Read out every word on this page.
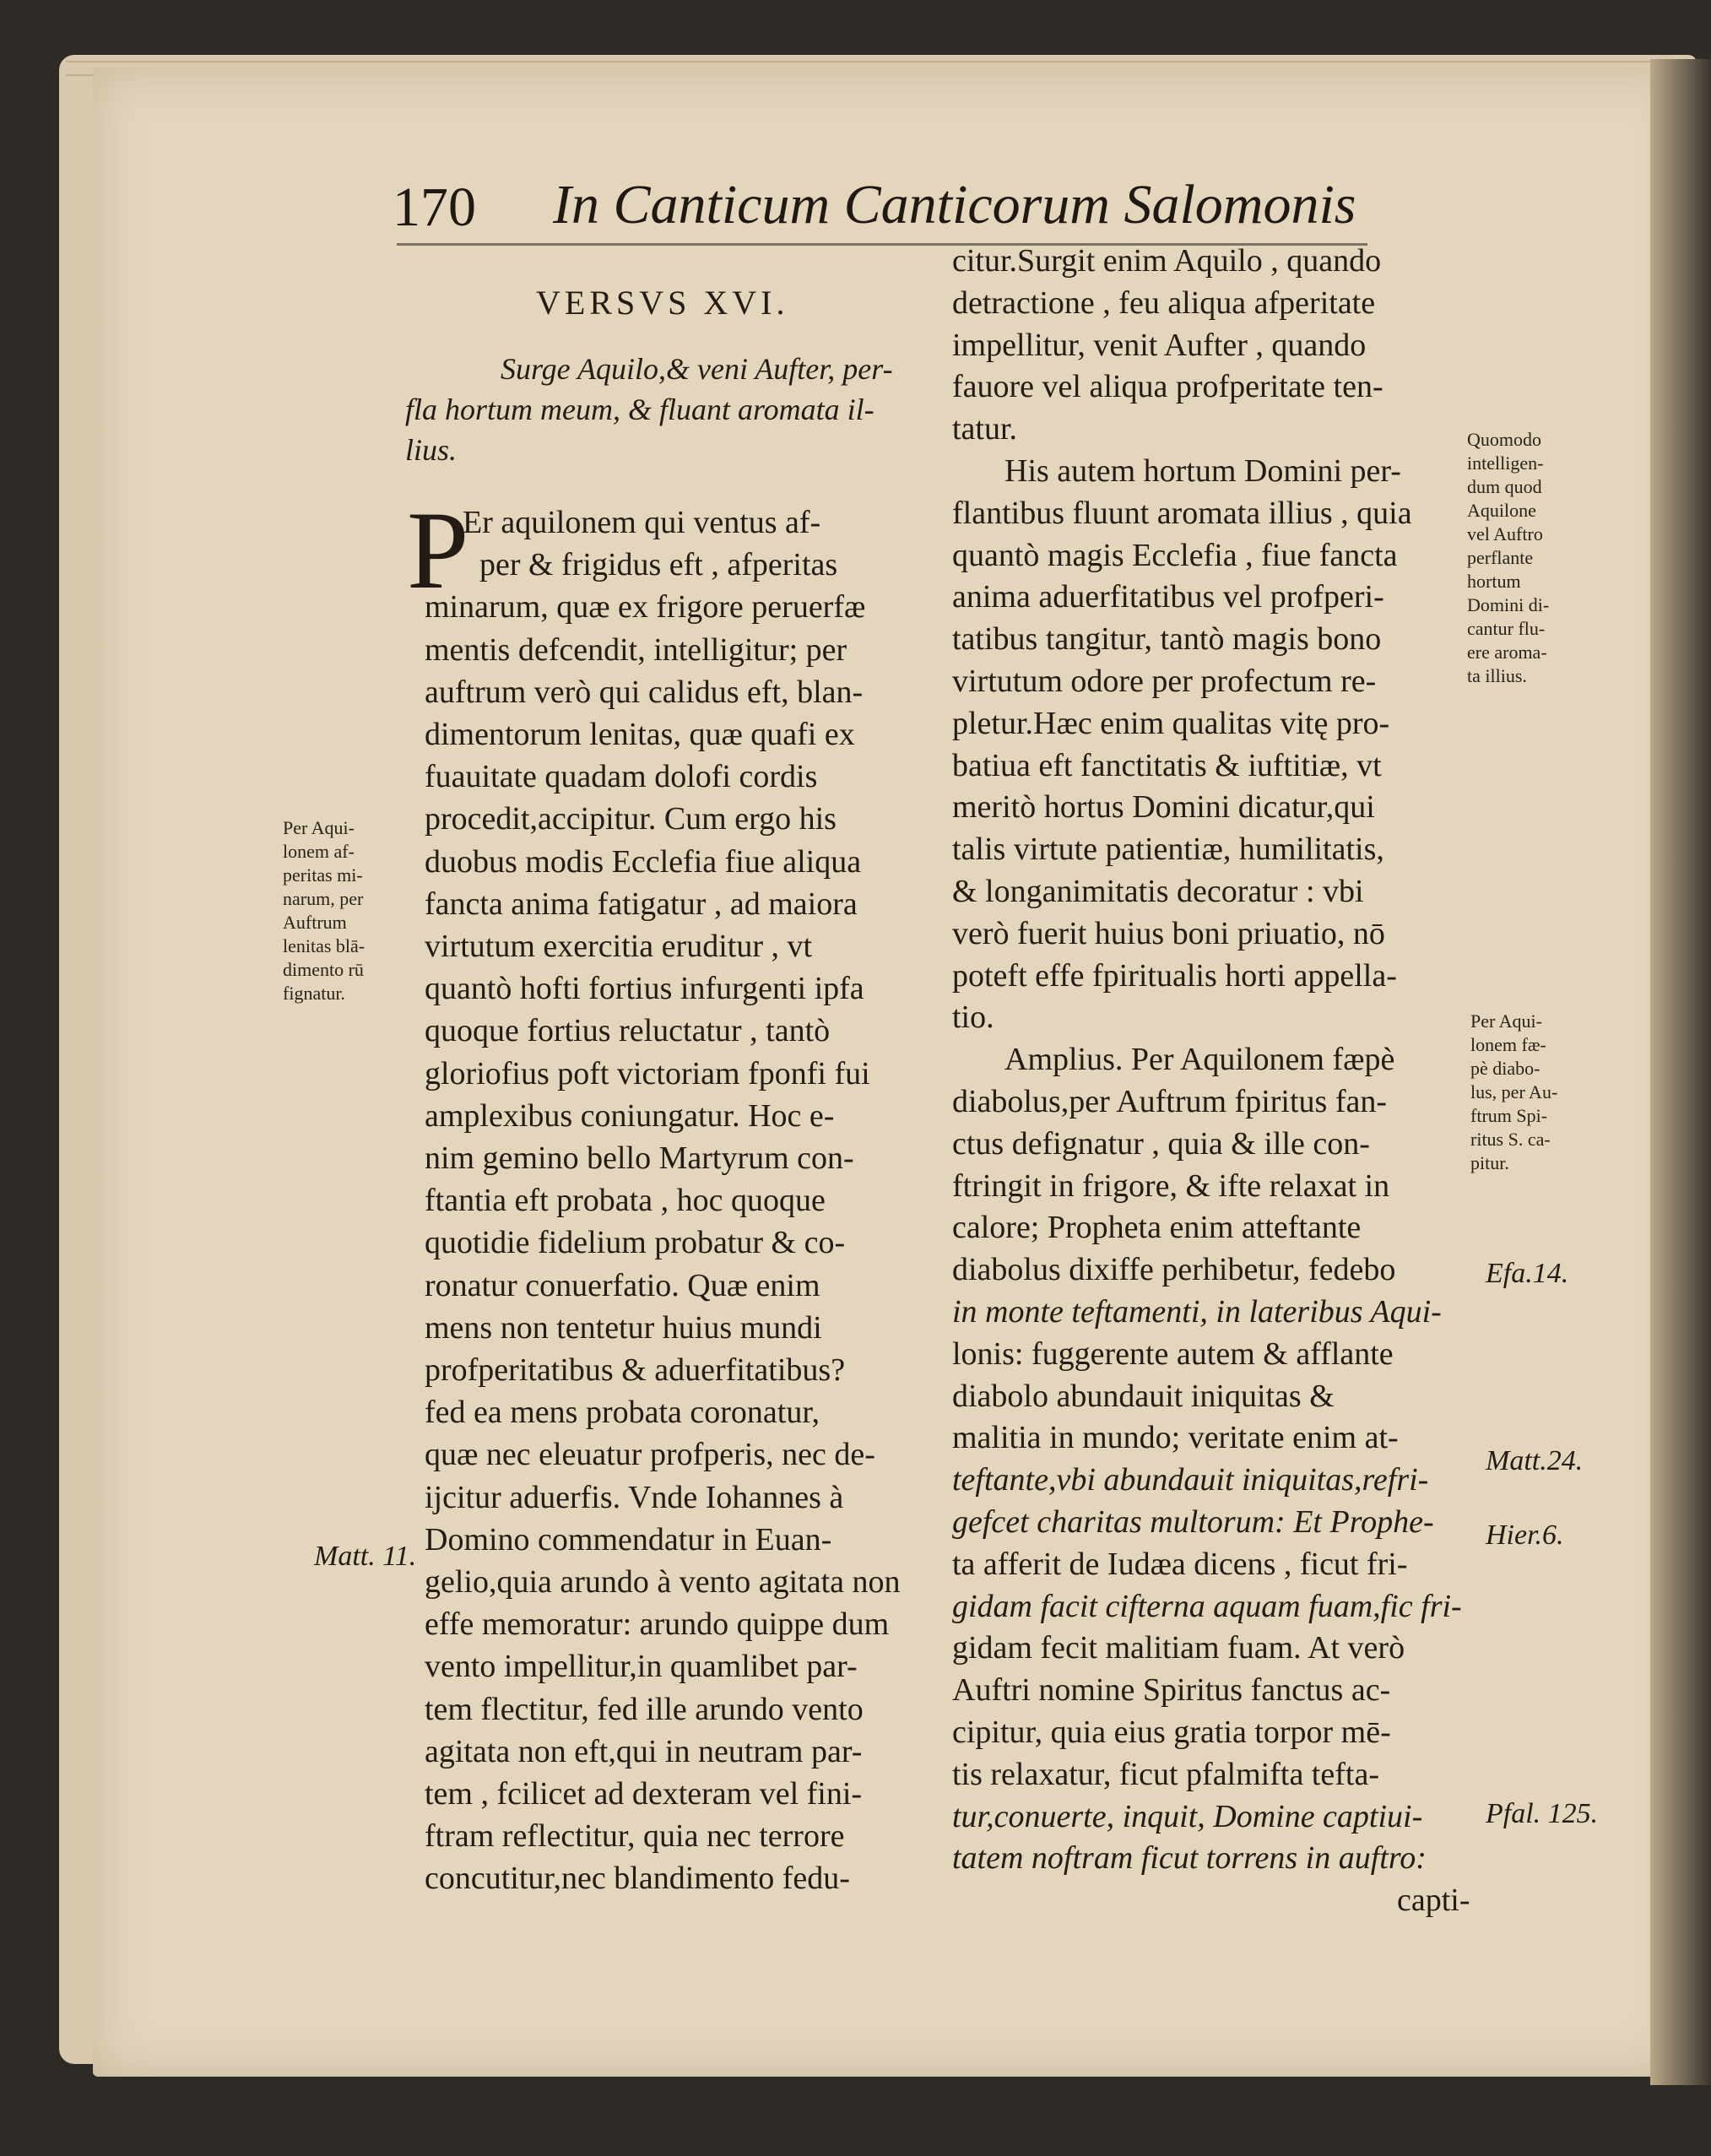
170 In Canticum Canticorum Salomonis
VERSVS XVI.
Surge Aquilo,& veni Aufter, per-
fla hortum meum, & fluant aromata il-
lius.
P
Er aquilonem qui ventus af-
per & frigidus eft , afperitas
minarum, quæ ex frigore peruerfæ
mentis defcendit, intelligitur; per
auftrum verò qui calidus eft, blan-
dimentorum lenitas, quæ quafi ex
fuauitate quadam dolofi cordis
procedit,accipitur. Cum ergo his
duobus modis Ecclefia fiue aliqua
fancta anima fatigatur , ad maiora
virtutum exercitia eruditur , vt
quantò hofti fortius infurgenti ipfa
quoque fortius reluctatur , tantò
gloriofius poft victoriam fponfi fui
amplexibus coniungatur. Hoc e-
nim gemino bello Martyrum con-
ftantia eft probata , hoc quoque
quotidie fidelium probatur & co-
ronatur conuerfatio. Quæ enim
mens non tentetur huius mundi
profperitatibus & aduerfitatibus?
fed ea mens probata coronatur,
quæ nec eleuatur profperis, nec de-
ijcitur aduerfis. Vnde Iohannes à
Domino commendatur in Euan-
gelio,quia arundo à vento agitata non
effe memoratur: arundo quippe dum
vento impellitur,in quamlibet par-
tem flectitur, fed ille arundo vento
agitata non eft,qui in neutram par-
tem , fcilicet ad dexteram vel fini-
ftram reflectitur, quia nec terrore
concutitur,nec blandimento fedu-
citur.Surgit enim Aquilo , quando
detractione , feu aliqua afperitate
impellitur, venit Aufter , quando
fauore vel aliqua profperitate ten-
tatur.
His autem hortum Domini per-
flantibus fluunt aromata illius , quia
quantò magis Ecclefia , fiue fancta
anima aduerfitatibus vel profperi-
tatibus tangitur, tantò magis bono
virtutum odore per profectum re-
pletur.Hæc enim qualitas vitę pro-
batiua eft fanctitatis & iuftitiæ, vt
meritò hortus Domini dicatur,qui
talis virtute patientiæ, humilitatis,
& longanimitatis decoratur : vbi
verò fuerit huius boni priuatio, nō
poteft effe fpiritualis horti appella-
tio.
Amplius. Per Aquilonem fæpè
diabolus,per Auftrum fpiritus fan-
ctus defignatur , quia & ille con-
ftringit in frigore, & ifte relaxat in
calore; Propheta enim atteftante
diabolus dixiffe perhibetur, fedebo
in monte teftamenti, in lateribus Aqui-
lonis: fuggerente autem & afflante
diabolo abundauit iniquitas &
malitia in mundo; veritate enim at-
teftante,vbi abundauit iniquitas,refri-
gefcet charitas multorum: Et Prophe-
ta afferit de Iudæa dicens , ficut fri-
gidam facit cifterna aquam fuam,fic fri-
gidam fecit malitiam fuam. At verò
Auftri nomine Spiritus fanctus ac-
cipitur, quia eius gratia torpor mē-
tis relaxatur, ficut pfalmifta tefta-
tur,conuerte, inquit, Domine captiui-
tatem noftram ficut torrens in auftro:
capti-
Per Aqui-
lonem af-
peritas mi-
narum, per
Auftrum
lenitas blā-
dimento rū
fignatur.
Quomodo
intelligen-
dum quod
Aquilone
vel Auftro
perflante
hortum
Domini di-
cantur flu-
ere aroma-
ta illius.
Per Aqui-
lonem fæ-
pè diabo-
lus, per Au-
ftrum Spi-
ritus S. ca-
pitur.
Matt. 11.
Efa.14.
Matt.24.
Hier.6.
Pfal. 125.
